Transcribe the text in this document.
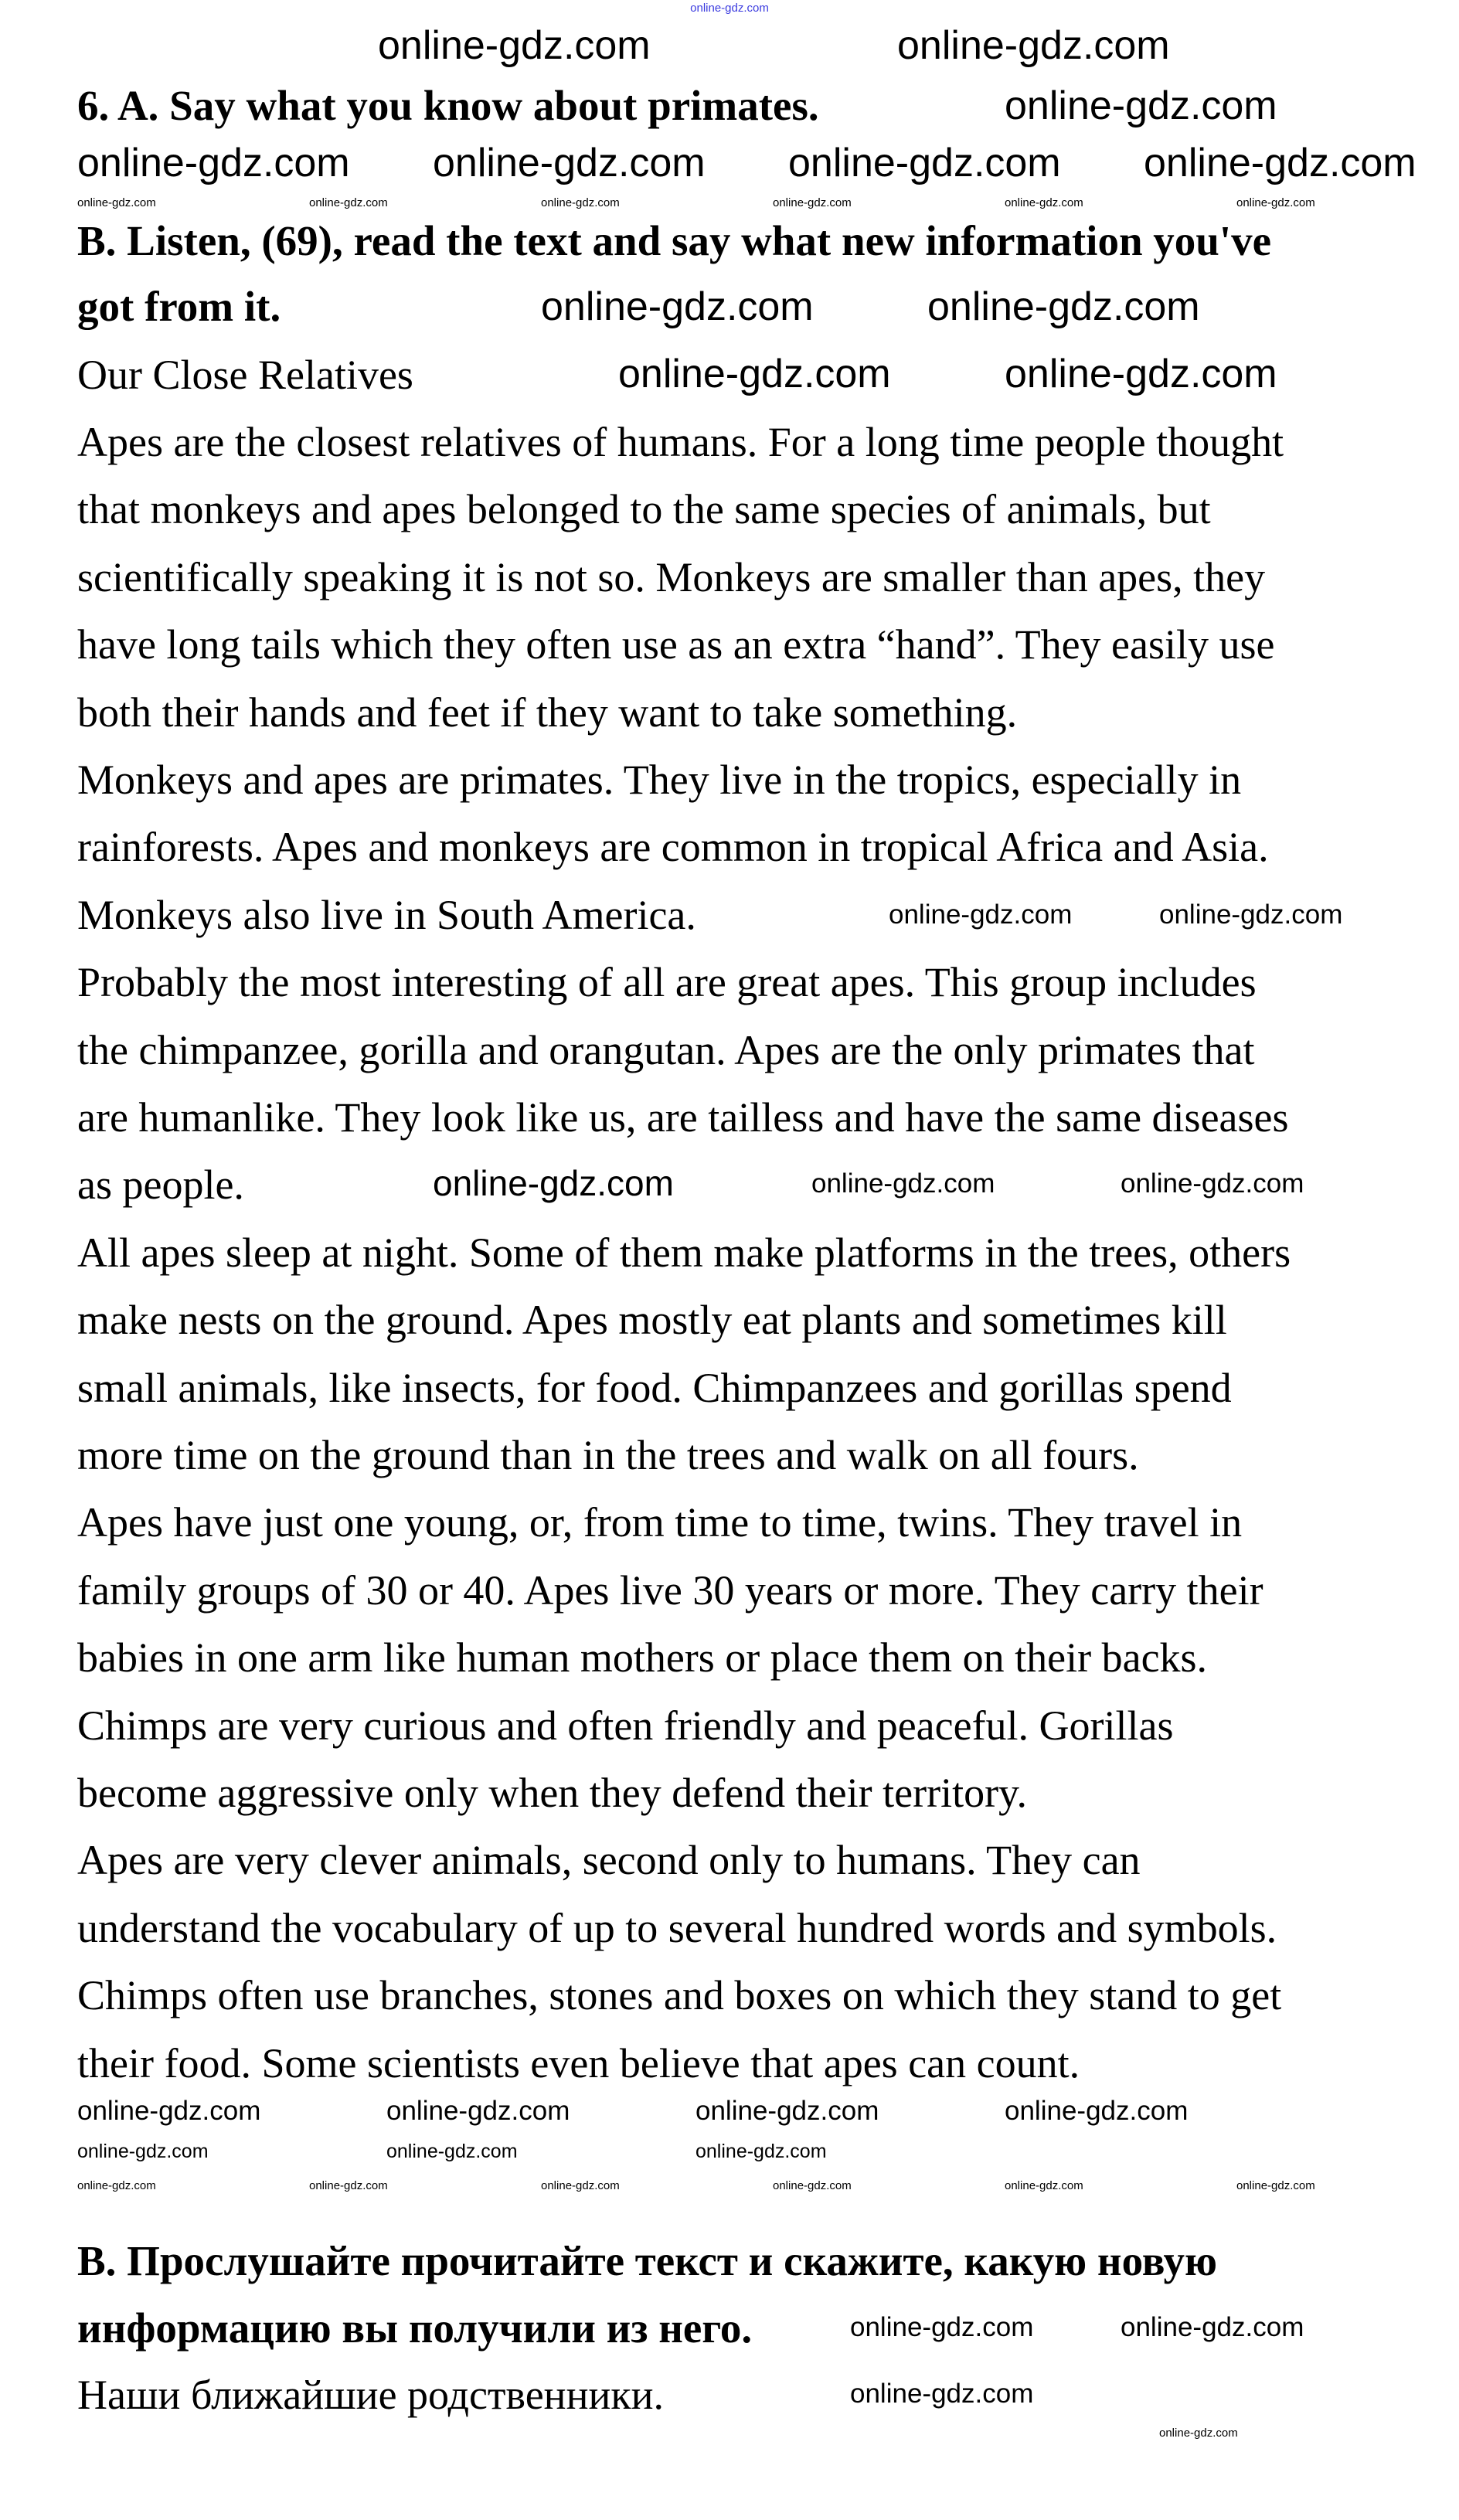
online-gdz.com
6. A. Say what you know about primates.
B. Listen, (69), read the text and say what new information you've
got from it.
Our Close Relatives
Apes are the closest relatives of humans. For a long time people thought
that monkeys and apes belonged to the same species of animals, but
scientifically speaking it is not so. Monkeys are smaller than apes, they
have long tails which they often use as an extra “hand”. They easily use
both their hands and feet if they want to take something.
Monkeys and apes are primates. They live in the tropics, especially in
rainforests. Apes and monkeys are common in tropical Africa and Asia.
Monkeys also live in South America.
Probably the most interesting of all are great apes. This group includes
the chimpanzee, gorilla and orangutan. Apes are the only primates that
are humanlike. They look like us, are tailless and have the same diseases
as people.
All apes sleep at night. Some of them make platforms in the trees, others
make nests on the ground. Apes mostly eat plants and sometimes kill
small animals, like insects, for food. Chimpanzees and gorillas spend
more time on the ground than in the trees and walk on all fours.
Apes have just one young, or, from time to time, twins. They travel in
family groups of 30 or 40. Apes live 30 years or more. They carry their
babies in one arm like human mothers or place them on their backs.
Chimps are very curious and often friendly and peaceful. Gorillas
become aggressive only when they defend their territory.
Apes are very clever animals, second only to humans. They can
understand the vocabulary of up to several hundred words and symbols.
Chimps often use branches, stones and boxes on which they stand to get
their food. Some scientists even believe that apes can count.
В. Прослушайте прочитайте текст и скажите, какую новую
информацию вы получили из него.
Наши ближайшие родственники.
online-gdz.com	online-gdz.com
online-gdz.com
online-gdz.com online-gdz.com online-gdz.com online-gdz.com
online-gdz.com	online-gdz.com
online-gdz.com	online-gdz.com
online-gdz.com	online-gdz.com	online-gdz.com
online-gdz.com	online-gdz.com
online-gdz.com	online-gdz.com	online-gdz.com	online-gdz.com
online-gdz.com	online-gdz.com
online-gdz.com
online-gdz.com	online-gdz.com	online-gdz.com
online-gdz.com	online-gdz.com	online-gdz.com	online-gdz.com	online-gdz.com	online-gdz.com
online-gdz.com	online-gdz.com	online-gdz.com	online-gdz.com	online-gdz.com	online-gdz.com
online-gdz.com
